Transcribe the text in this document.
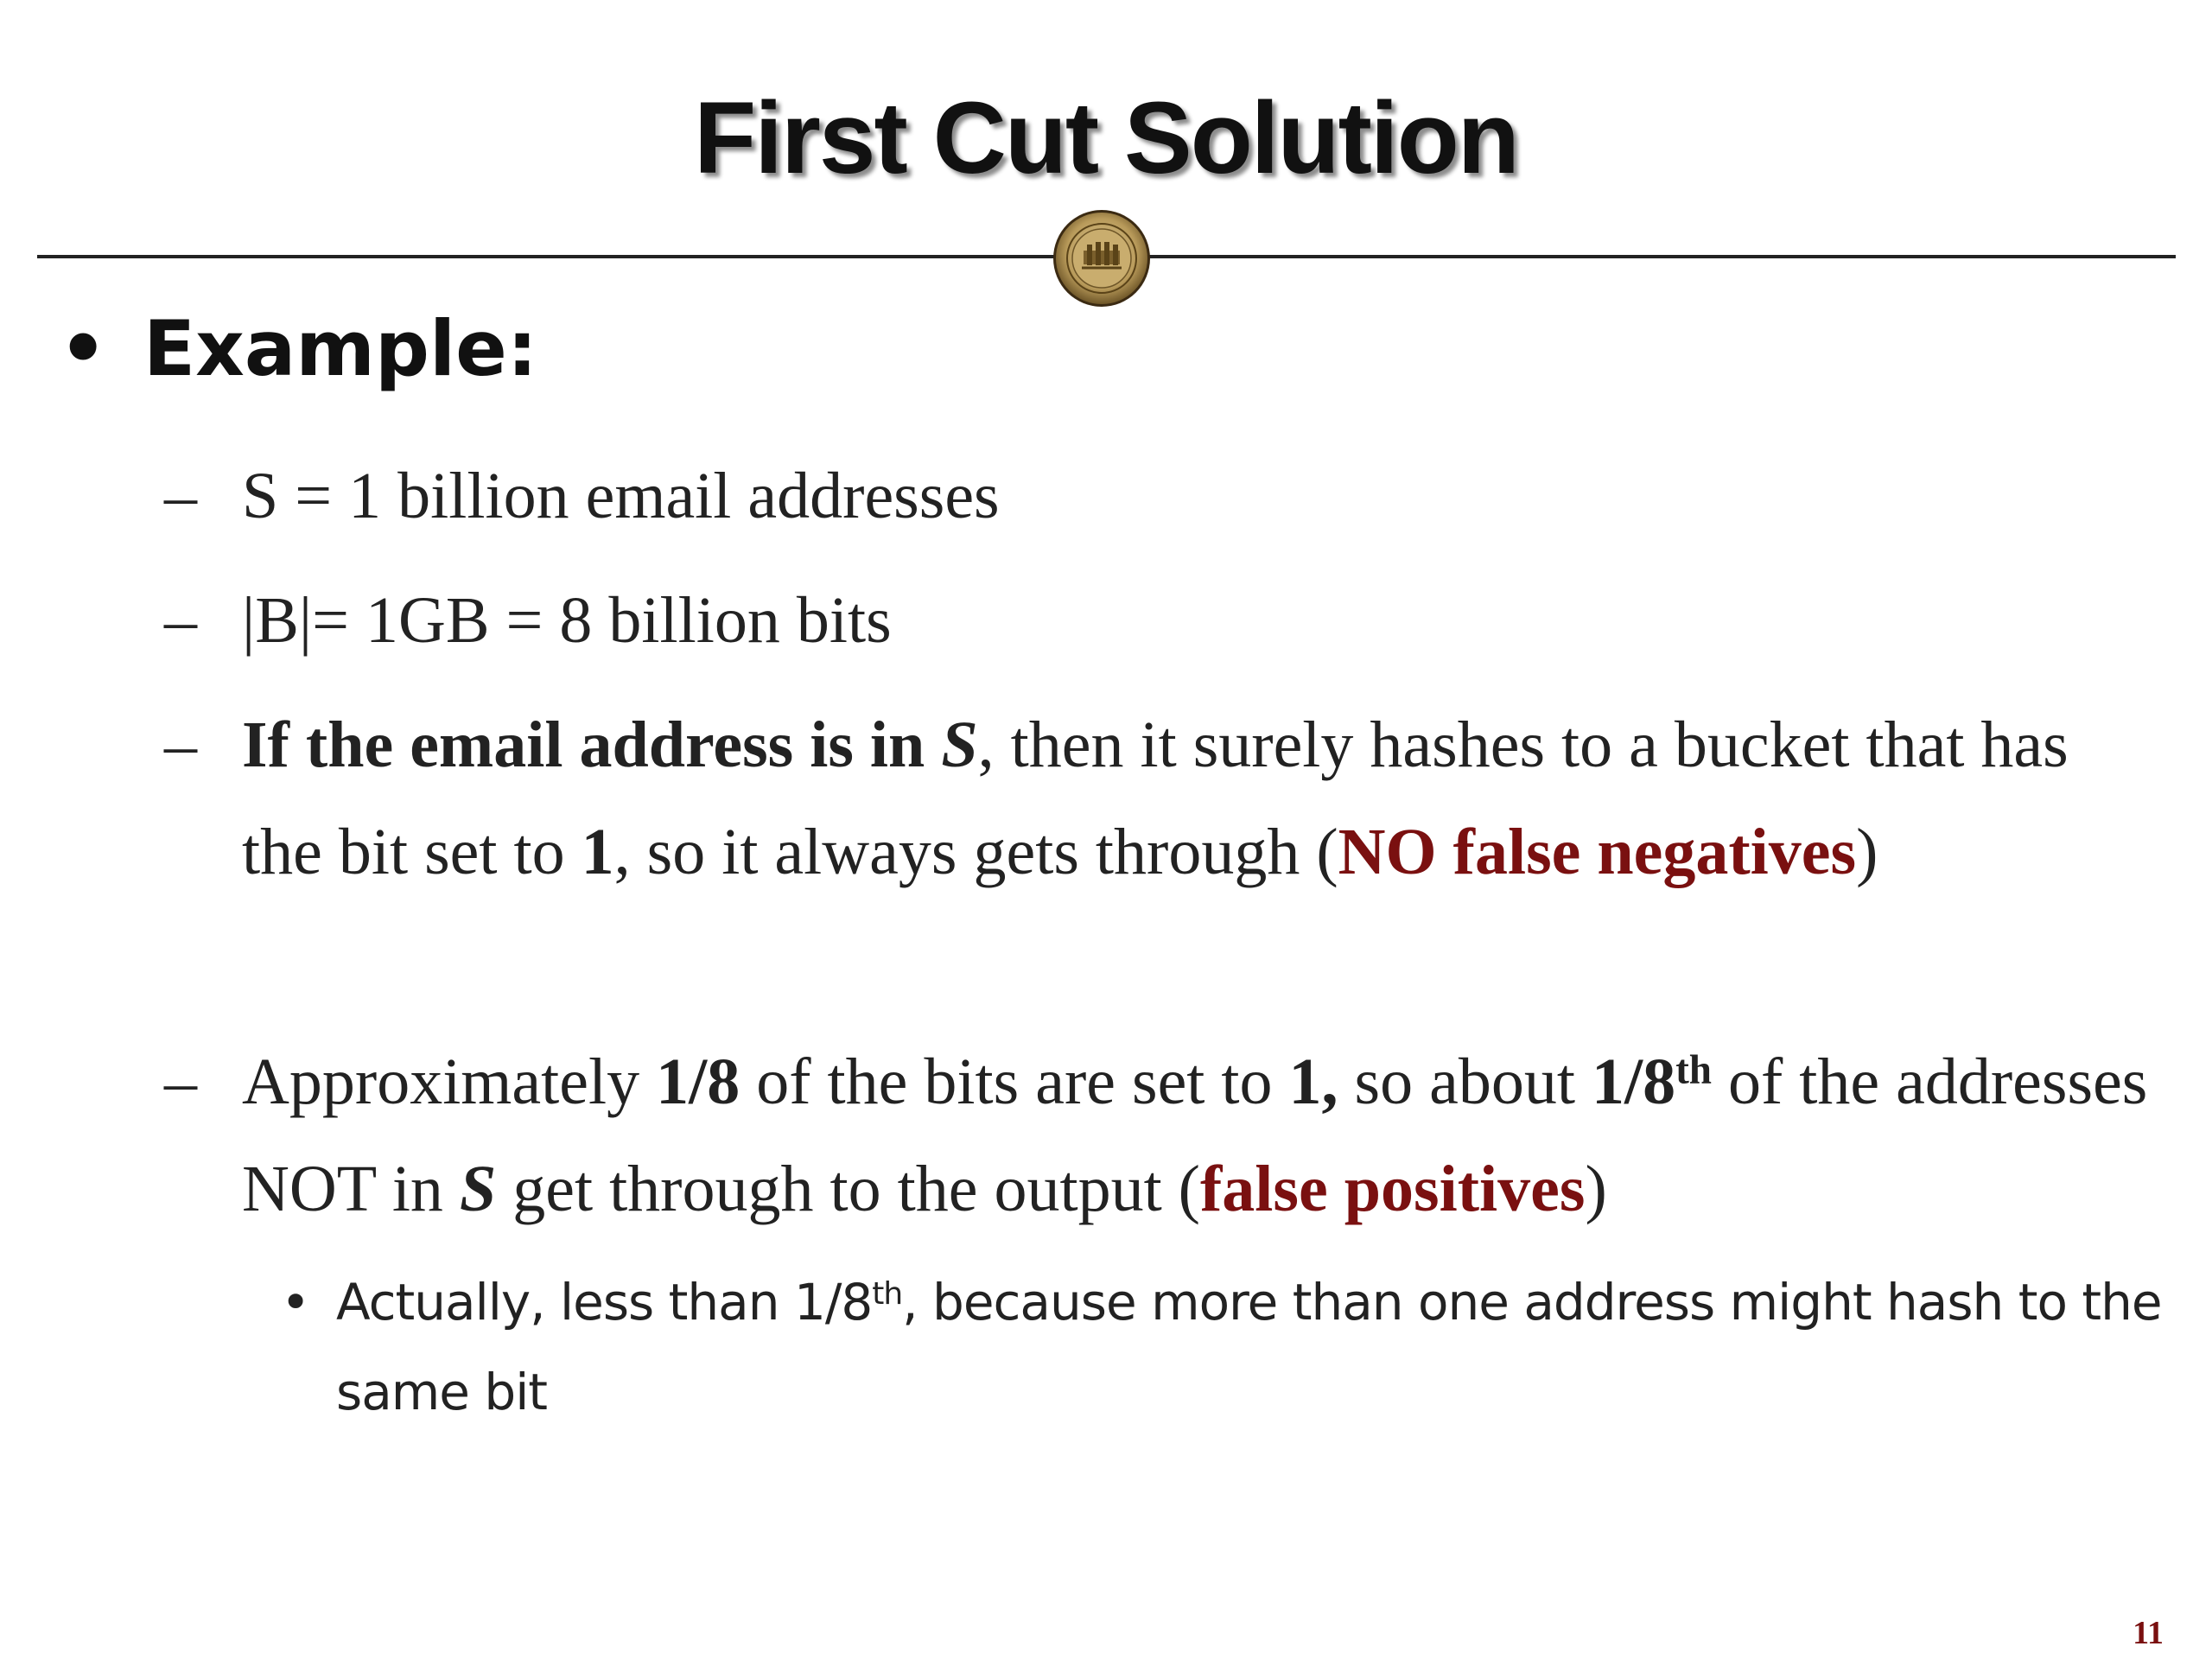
First Cut Solution
• Example:
– S = 1 billion email addresses
– |B|= 1GB = 8 billion bits
– If the email address is in S, then it surely hashes to a bucket that has the bit set to 1, so it always gets through (NO false negatives)
– Approximately 1/8 of the bits are set to 1, so about 1/8th of the addresses NOT in S get through to the output (false positives)
• Actually, less than 1/8th, because more than one address might hash to the same bit
11
